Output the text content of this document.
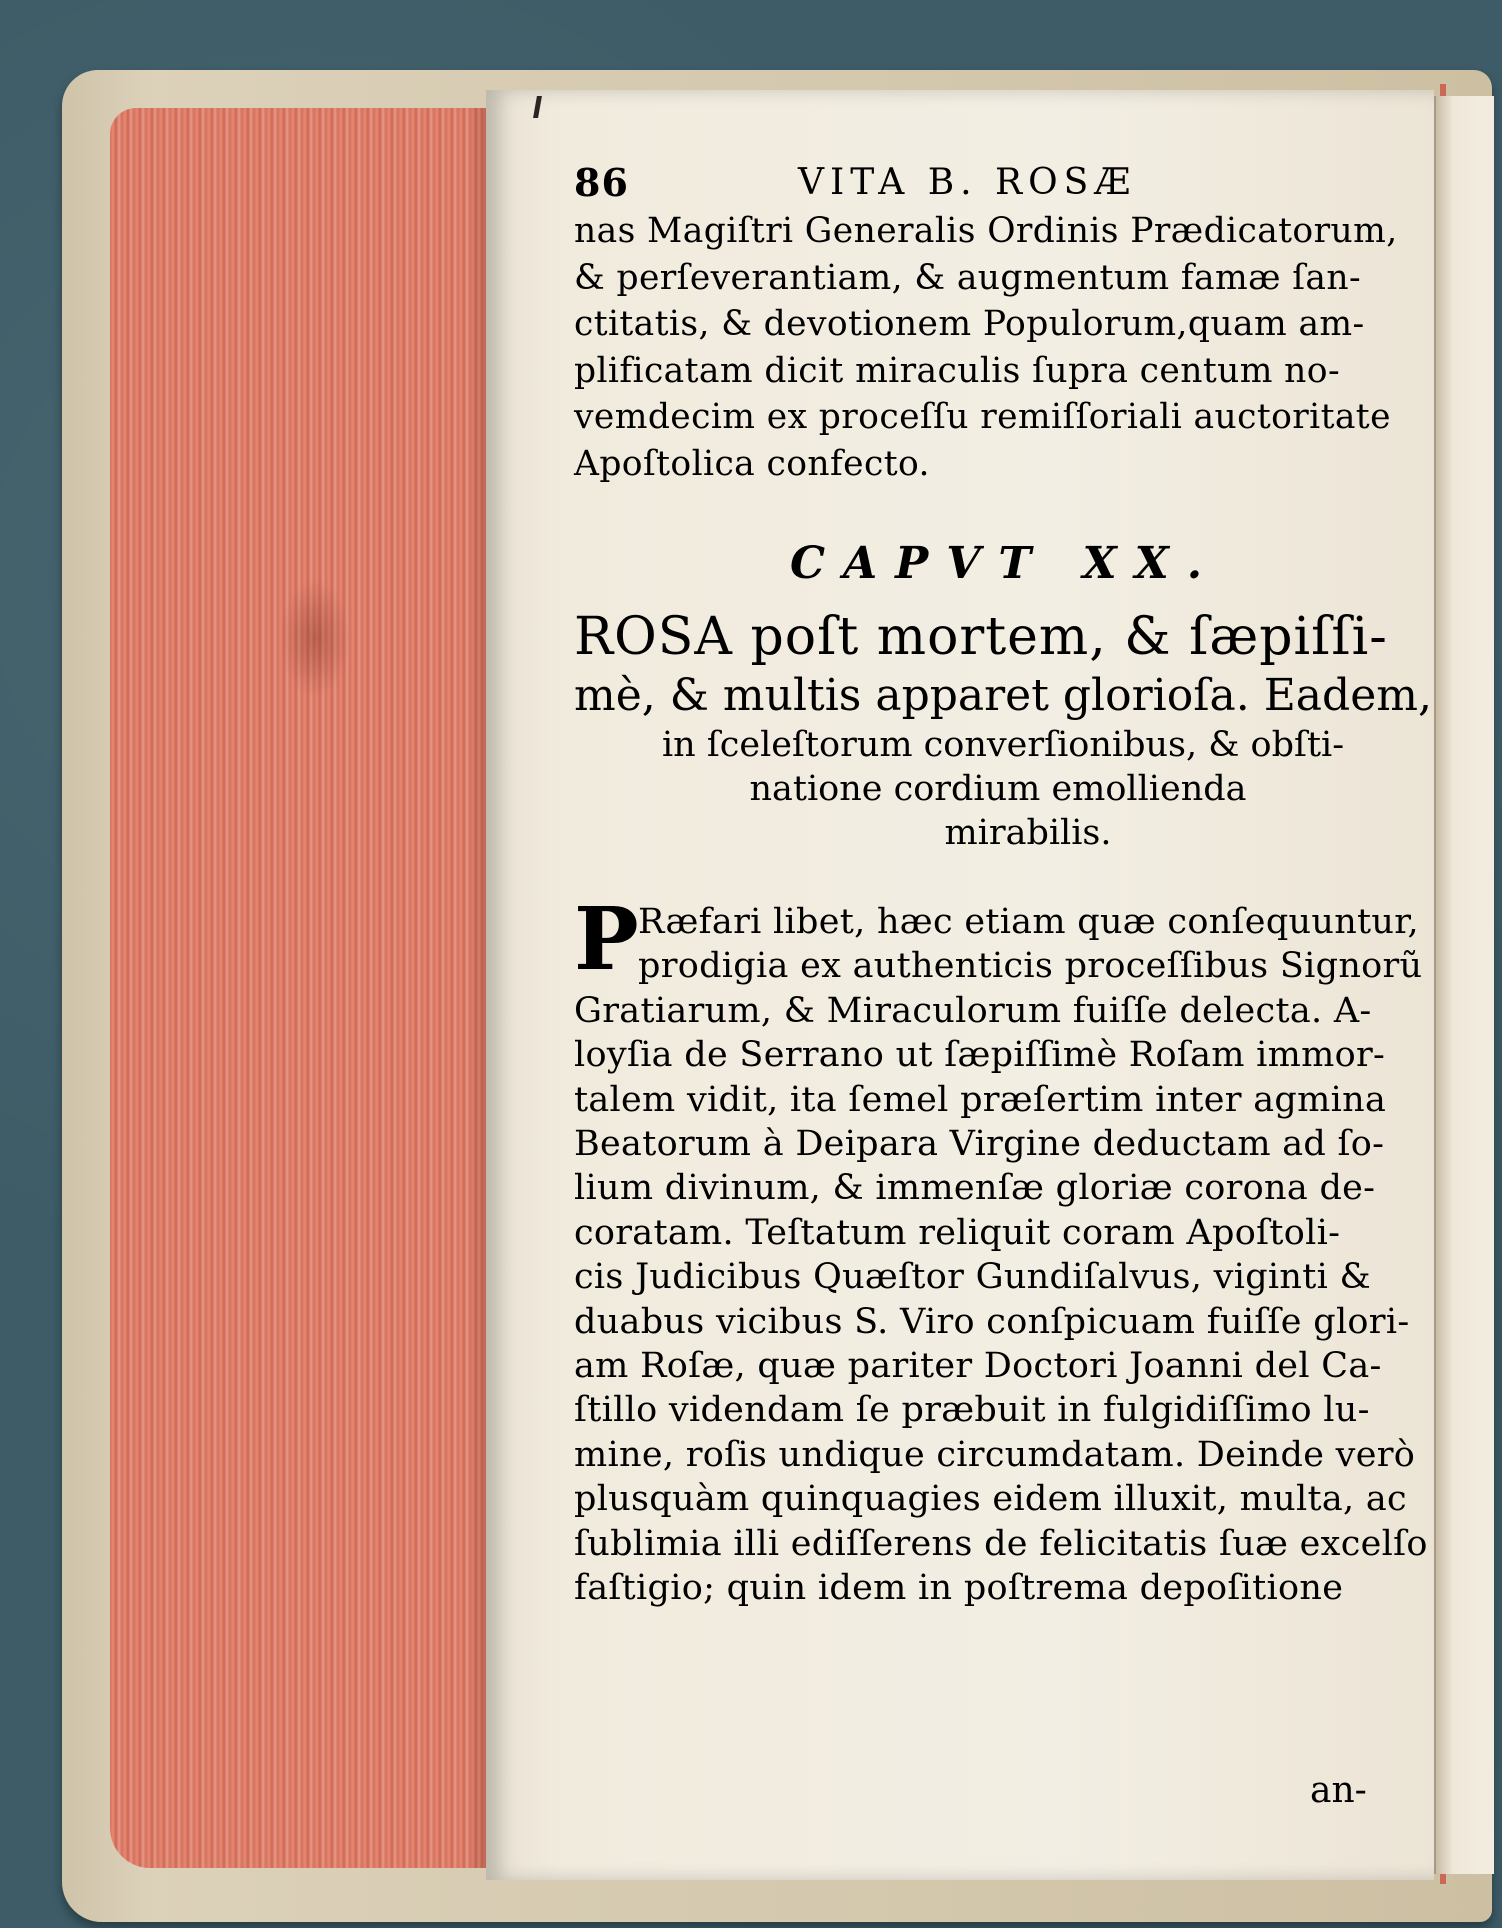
86	VITA B. ROSÆ
nas Magiſtri Generalis Ordinis Prædicatorum,
& perſeverantiam, & augmentum famæ ſan-
ctitatis, & devotionem Populorum,quam am-
plificatam dicit miraculis ſupra centum no-
vemdecim ex proceſſu remiſſoriali auctoritate
Apoſtolica confecto.
CAPVT XX.
ROSA poſt mortem, & ſæpiſſi-
mè, & multis apparet glorioſa. Eadem,
in ſceleſtorum converſionibus, & obſti-
natione cordium emollienda
mirabilis.
P Ræfari libet, hæc etiam quæ conſequuntur,
prodigia ex authenticis proceſſibus Signorũ
Gratiarum, & Miraculorum fuiſſe delecta. A-
loyſia de Serrano ut ſæpiſſimè Roſam immor-
talem vidit, ita ſemel præſertim inter agmina
Beatorum à Deipara Virgine deductam ad ſo-
lium divinum, & immenſæ gloriæ corona de-
coratam. Teſtatum reliquit coram Apoſtoli-
cis Judicibus Quæſtor Gundiſalvus, viginti &
duabus vicibus S. Viro conſpicuam fuiſſe glori-
am Roſæ, quæ pariter Doctori Joanni del Ca-
ſtillo videndam ſe præbuit in fulgidiſſimo lu-
mine, roſis undique circumdatam. Deinde verò
plusquàm quinquagies eidem illuxit, multa, ac
ſublimia illi ediſſerens de felicitatis ſuæ excelſo
faſtigio; quin idem in poſtrema depoſitione
an-
